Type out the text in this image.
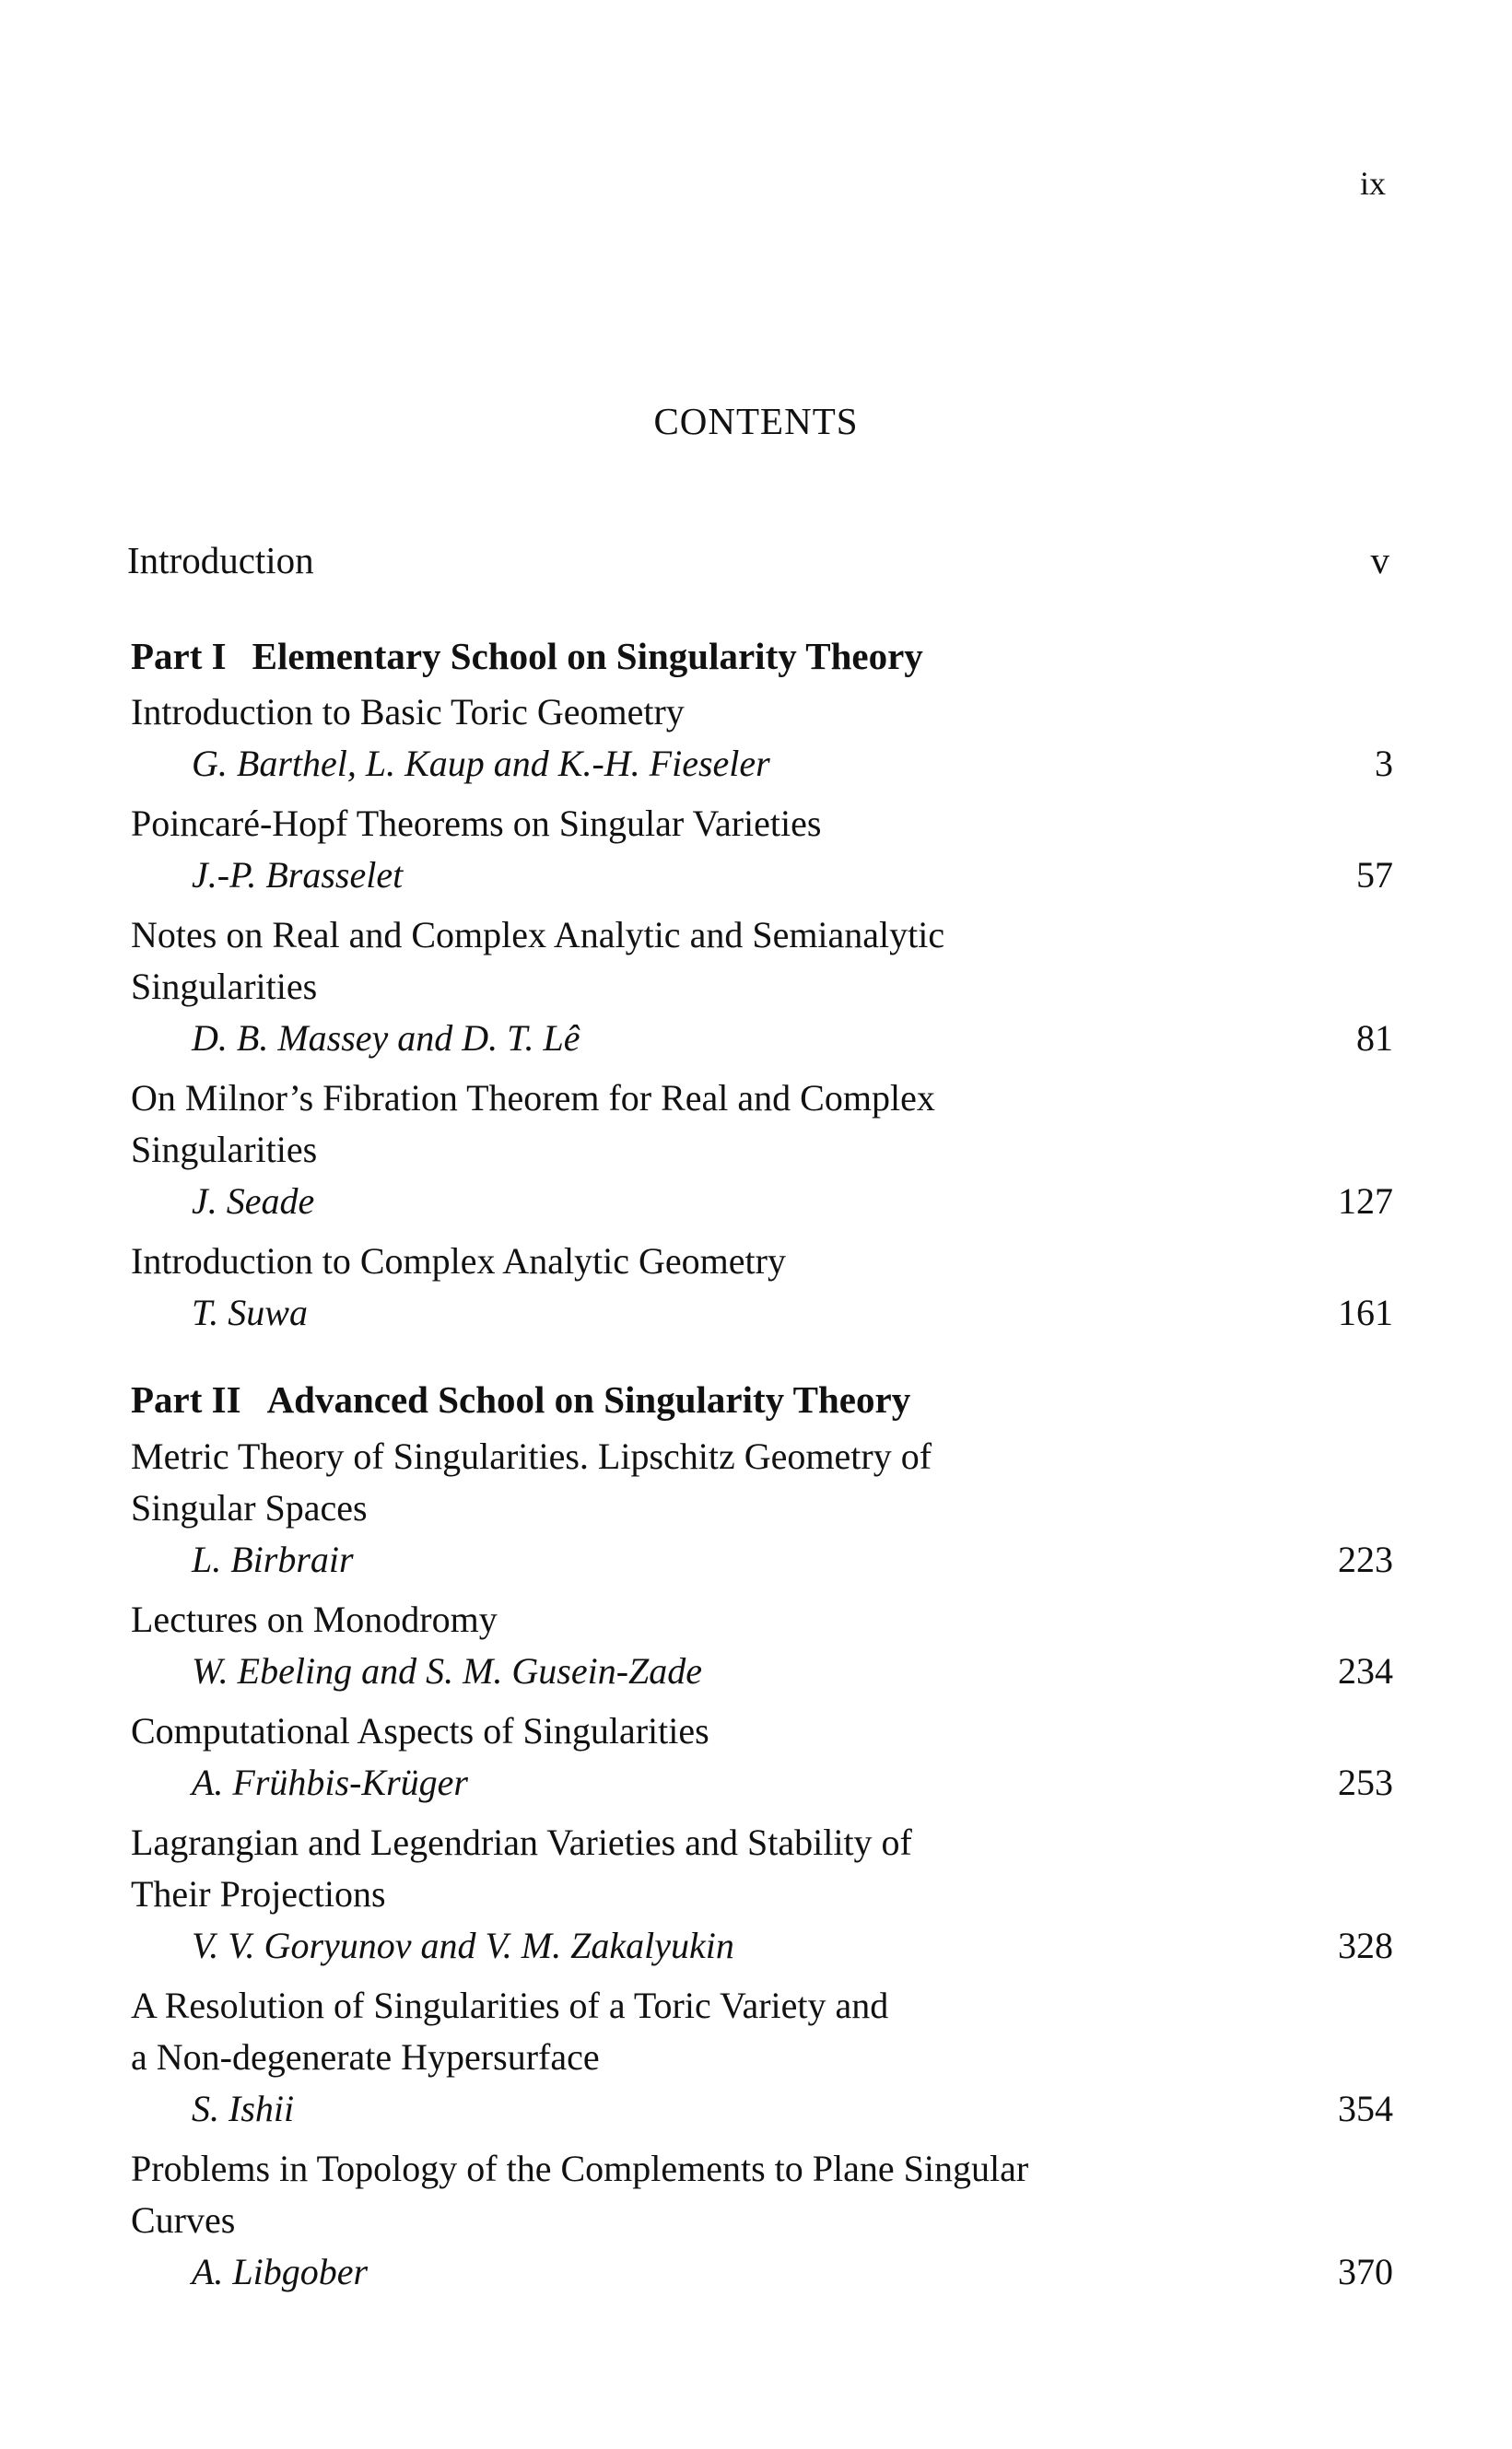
ix
CONTENTS
Introduction	v
Part I Elementary School on Singularity Theory
Introduction to Basic Toric Geometry
G. Barthel, L. Kaup and K.-H. Fieseler	3
Poincaré-Hopf Theorems on Singular Varieties
J.-P. Brasselet	57
Notes on Real and Complex Analytic and Semianalytic
Singularities
D. B. Massey and D. T. Lê	81
On Milnor’s Fibration Theorem for Real and Complex
Singularities
J. Seade	127
Introduction to Complex Analytic Geometry
T. Suwa	161
Part II Advanced School on Singularity Theory
Metric Theory of Singularities. Lipschitz Geometry of
Singular Spaces
L. Birbrair	223
Lectures on Monodromy
W. Ebeling and S. M. Gusein-Zade	234
Computational Aspects of Singularities
A. Frühbis-Krüger	253
Lagrangian and Legendrian Varieties and Stability of
Their Projections
V. V. Goryunov and V. M. Zakalyukin	328
A Resolution of Singularities of a Toric Variety and
a Non-degenerate Hypersurface
S. Ishii	354
Problems in Topology of the Complements to Plane Singular
Curves
A. Libgober	370
